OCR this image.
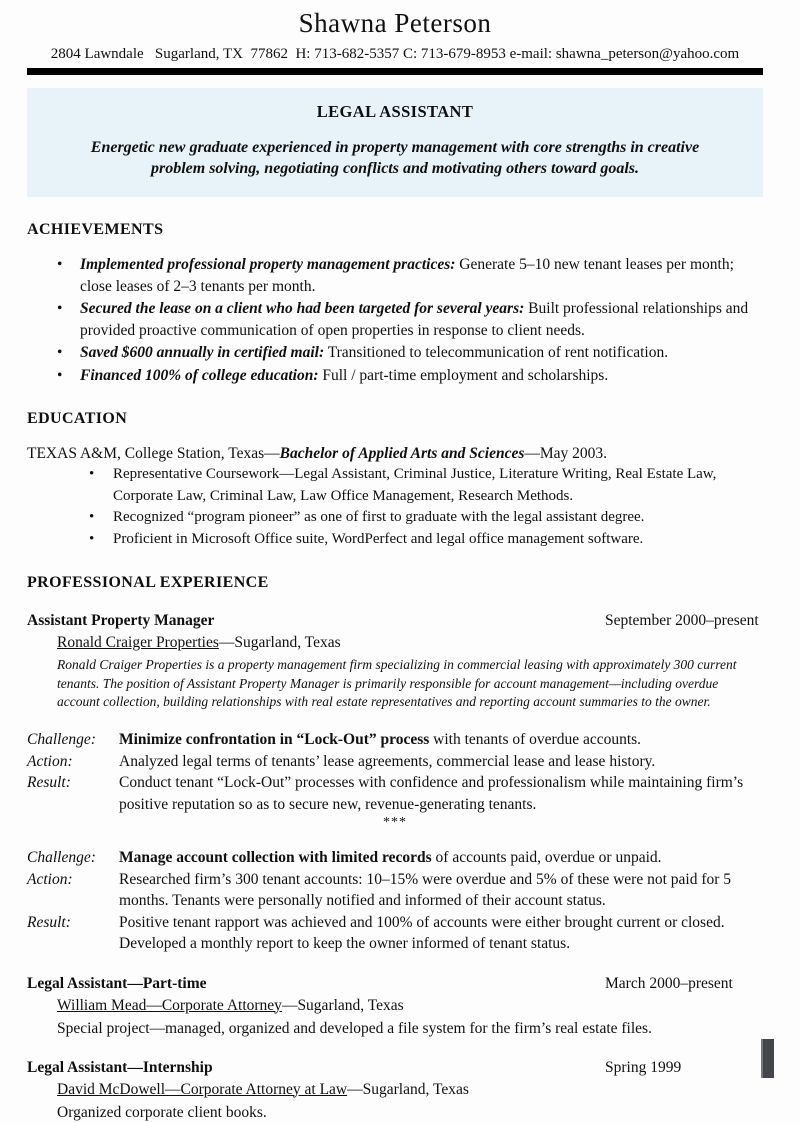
Shawna Peterson
2804 Lawndale   Sugarland, TX  77862  H: 713-682-5357 C: 713-679-8953 e-mail: shawna_peterson@yahoo.com
LEGAL ASSISTANT
Energetic new graduate experienced in property management with core strengths in creative problem solving, negotiating conflicts and motivating others toward goals.
ACHIEVEMENTS
• Implemented professional property management practices: Generate 5–10 new tenant leases per month; close leases of 2–3 tenants per month.
• Secured the lease on a client who had been targeted for several years: Built professional relationships and provided proactive communication of open properties in response to client needs.
• Saved $600 annually in certified mail: Transitioned to telecommunication of rent notification.
• Financed 100% of college education: Full / part-time employment and scholarships.
EDUCATION
TEXAS A&M, College Station, Texas—Bachelor of Applied Arts and Sciences—May 2003.
• Representative Coursework—Legal Assistant, Criminal Justice, Literature Writing, Real Estate Law, Corporate Law, Criminal Law, Law Office Management, Research Methods.
• Recognized “program pioneer” as one of first to graduate with the legal assistant degree.
• Proficient in Microsoft Office suite, WordPerfect and legal office management software.
PROFESSIONAL EXPERIENCE
Assistant Property Manager	September 2000–present
Ronald Craiger Properties—Sugarland, Texas
Ronald Craiger Properties is a property management firm specializing in commercial leasing with approximately 300 current tenants. The position of Assistant Property Manager is primarily responsible for account management—including overdue account collection, building relationships with real estate representatives and reporting account summaries to the owner.
Challenge:	Minimize confrontation in “Lock-Out” process with tenants of overdue accounts.
Action:	Analyzed legal terms of tenants’ lease agreements, commercial lease and lease history.
Result:	Conduct tenant “Lock-Out” processes with confidence and professionalism while maintaining firm’s positive reputation so as to secure new, revenue-generating tenants.
***
Challenge:	Manage account collection with limited records of accounts paid, overdue or unpaid.
Action:	Researched firm’s 300 tenant accounts: 10–15% were overdue and 5% of these were not paid for 5 months. Tenants were personally notified and informed of their account status.
Result:	Positive tenant rapport was achieved and 100% of accounts were either brought current or closed. Developed a monthly report to keep the owner informed of tenant status.
Legal Assistant—Part-time	March 2000–present
William Mead—Corporate Attorney—Sugarland, Texas
Special project—managed, organized and developed a file system for the firm’s real estate files.
Legal Assistant—Internship	Spring 1999
David McDowell—Corporate Attorney at Law—Sugarland, Texas
Organized corporate client books.
